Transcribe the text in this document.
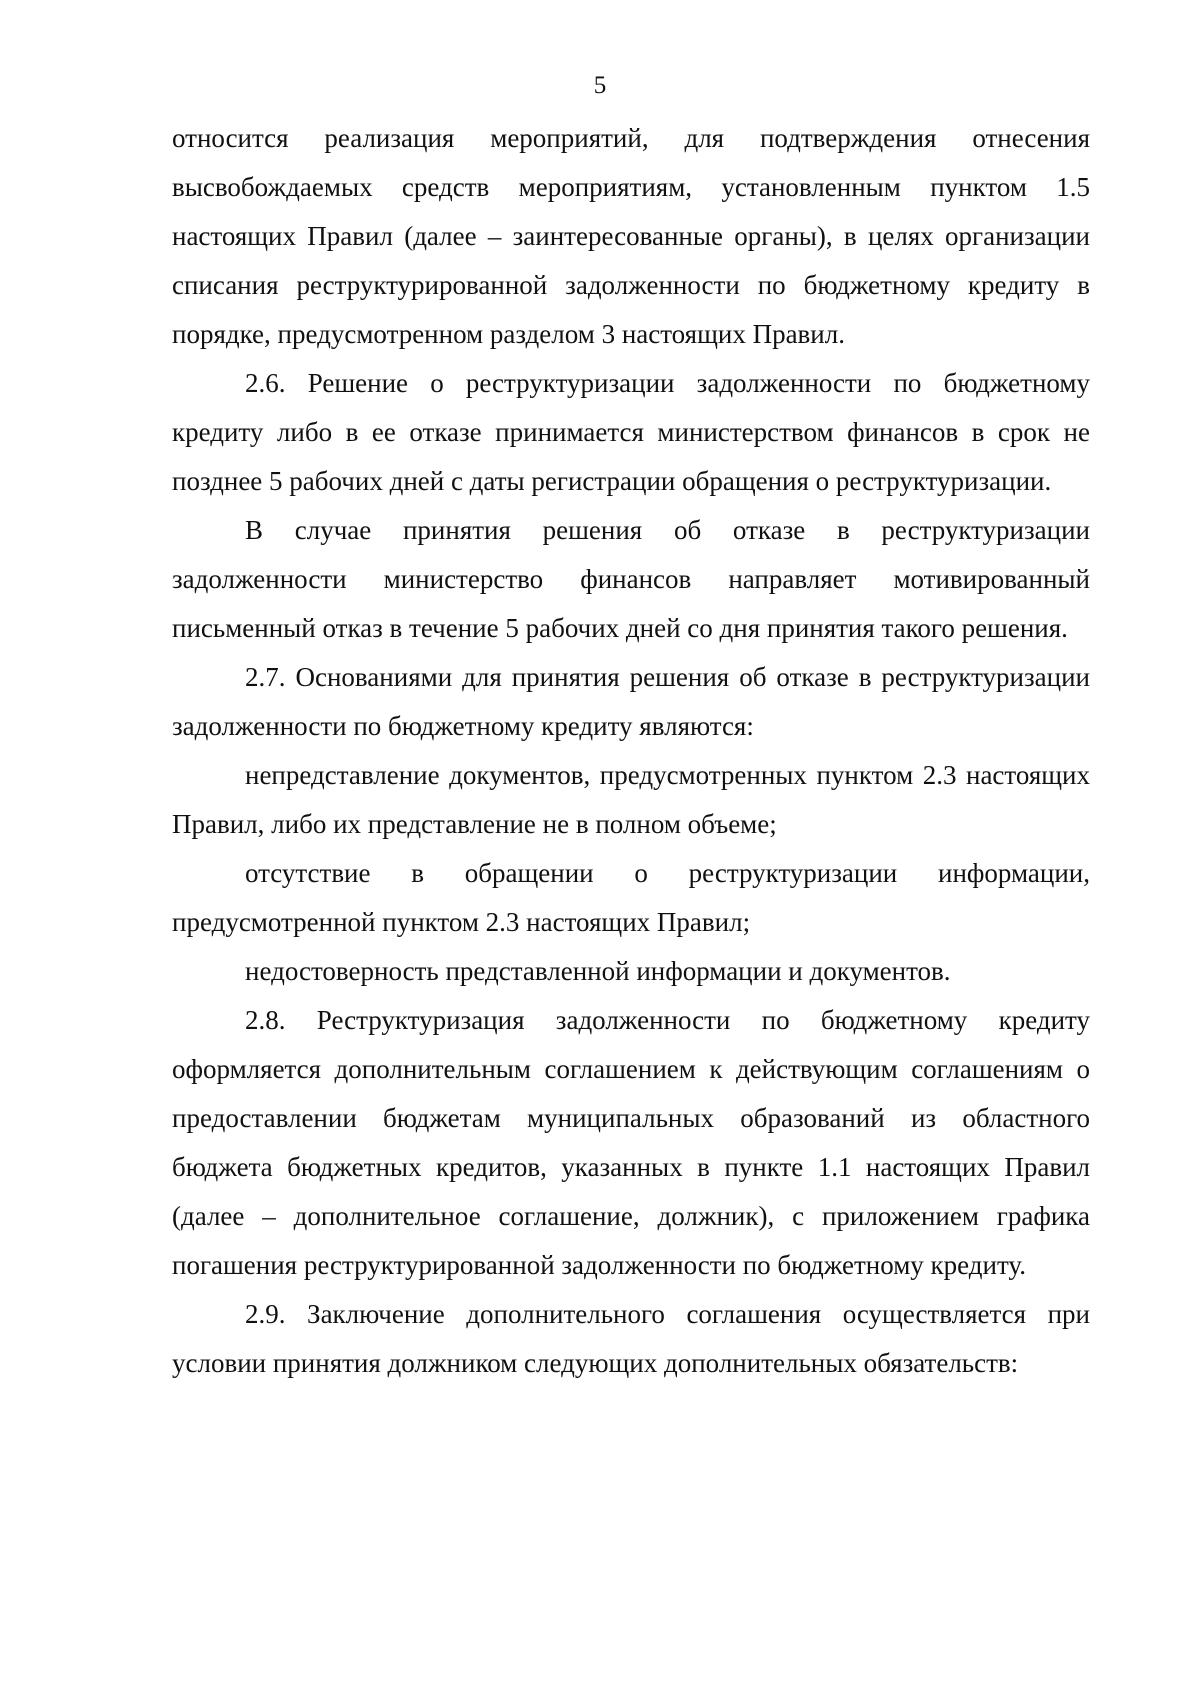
5

относится реализация мероприятий, для подтверждения отнесения высвобождаемых средств мероприятиям, установленным пунктом 1.5 настоящих Правил (далее – заинтересованные органы), в целях организации списания реструктурированной задолженности по бюджетному кредиту в порядке, предусмотренном разделом 3 настоящих Правил.

2.6. Решение о реструктуризации задолженности по бюджетному кредиту либо в ее отказе принимается министерством финансов в срок не позднее 5 рабочих дней с даты регистрации обращения о реструктуризации.

В случае принятия решения об отказе в реструктуризации задолженности министерство финансов направляет мотивированный письменный отказ в течение 5 рабочих дней со дня принятия такого решения.

2.7. Основаниями для принятия решения об отказе в реструктуризации задолженности по бюджетному кредиту являются:

непредставление документов, предусмотренных пунктом 2.3 настоящих Правил, либо их представление не в полном объеме;

отсутствие в обращении о реструктуризации информации, предусмотренной пунктом 2.3 настоящих Правил;

недостоверность представленной информации и документов.

2.8. Реструктуризация задолженности по бюджетному кредиту оформляется дополнительным соглашением к действующим соглашениям о предоставлении бюджетам муниципальных образований из областного бюджета бюджетных кредитов, указанных в пункте 1.1 настоящих Правил (далее – дополнительное соглашение, должник), с приложением графика погашения реструктурированной задолженности по бюджетному кредиту.

2.9. Заключение дополнительного соглашения осуществляется при условии принятия должником следующих дополнительных обязательств:
